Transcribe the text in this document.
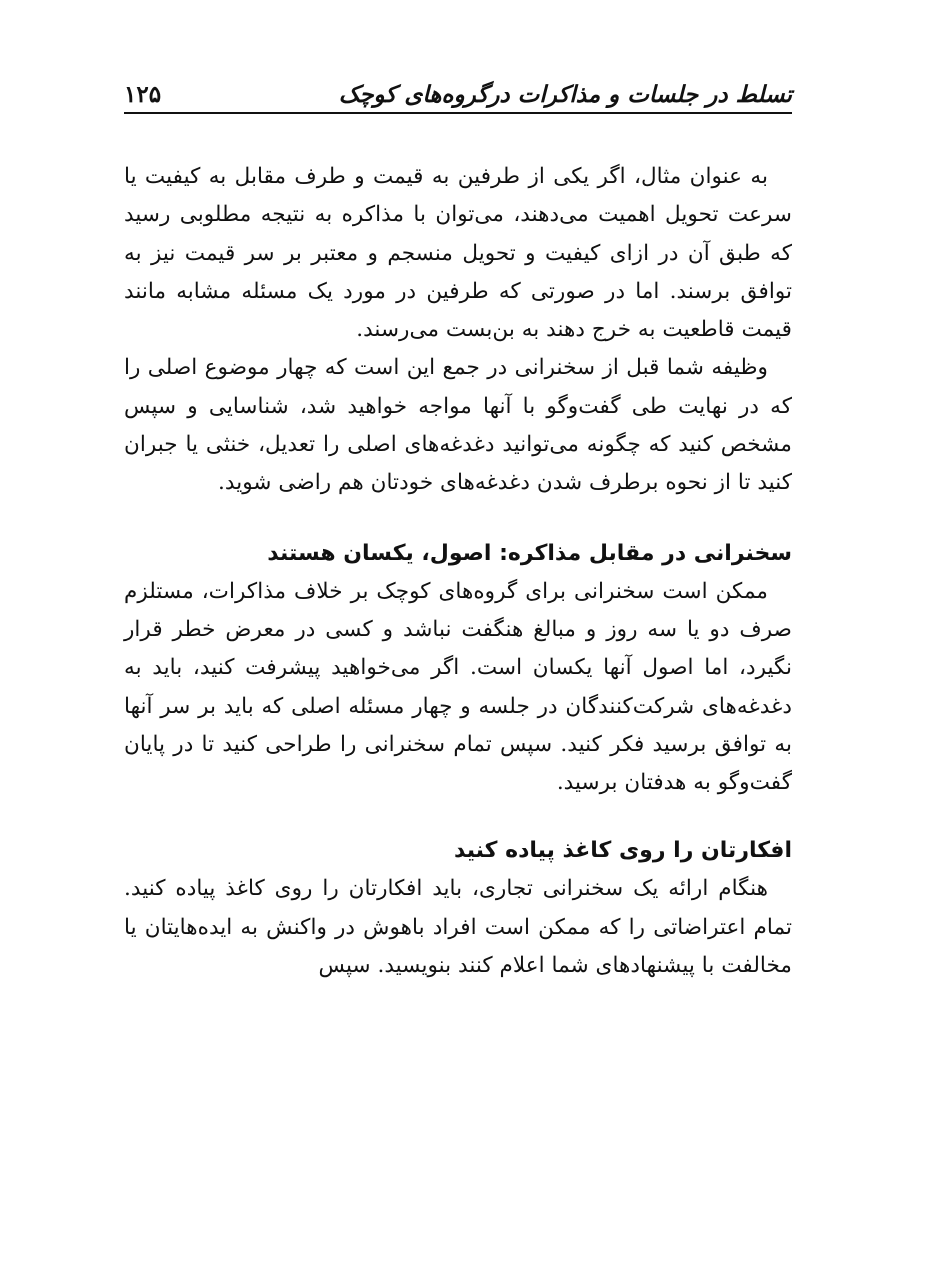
تسلط در جلسات و مذاکرات درگروه‌های کوچک
۱۲۵

به عنوان مثال، اگر یکی از طرفین به قیمت و طرف مقابل به کیفیت یا سرعت تحویل اهمیت می‌دهند، می‌توان با مذاکره به نتیجه مطلوبی رسید که طبق آن در ازای کیفیت و تحویل منسجم و معتبر بر سر قیمت نیز به توافق برسند. اما در صورتی که طرفین در مورد یک مسئله مشابه مانند قیمت قاطعیت به خرج دهند به بن‌بست می‌رسند.

وظیفه شما قبل از سخنرانی در جمع این است که چهار موضوع اصلی را که در نهایت طی گفت‌وگو با آنها مواجه خواهید شد، شناسایی و سپس مشخص کنید که چگونه می‌توانید دغدغه‌های اصلی را تعدیل، خنثی یا جبران کنید تا از نحوه برطرف شدن دغدغه‌های خودتان هم راضی شوید.

سخنرانی در مقابل مذاکره: اصول، یکسان هستند

ممکن است سخنرانی برای گروه‌های کوچک بر خلاف مذاکرات، مستلزم صرف دو یا سه روز و مبالغ هنگفت نباشد و کسی در معرض خطر قرار نگیرد، اما اصول آنها یکسان است. اگر می‌خواهید پیشرفت کنید، باید به دغدغه‌های شرکت‌کنندگان در جلسه و چهار مسئله اصلی که باید بر سر آنها به توافق برسید فکر کنید. سپس تمام سخنرانی را طراحی کنید تا در پایان گفت‌وگو به هدفتان برسید.

افکارتان را روی کاغذ پیاده کنید

هنگام ارائه یک سخنرانی تجاری، باید افکارتان را روی کاغذ پیاده کنید. تمام اعتراضاتی را که ممکن است افراد باهوش در واکنش به ایده‌هایتان یا مخالفت با پیشنهادهای شما اعلام کنند بنویسید. سپس
